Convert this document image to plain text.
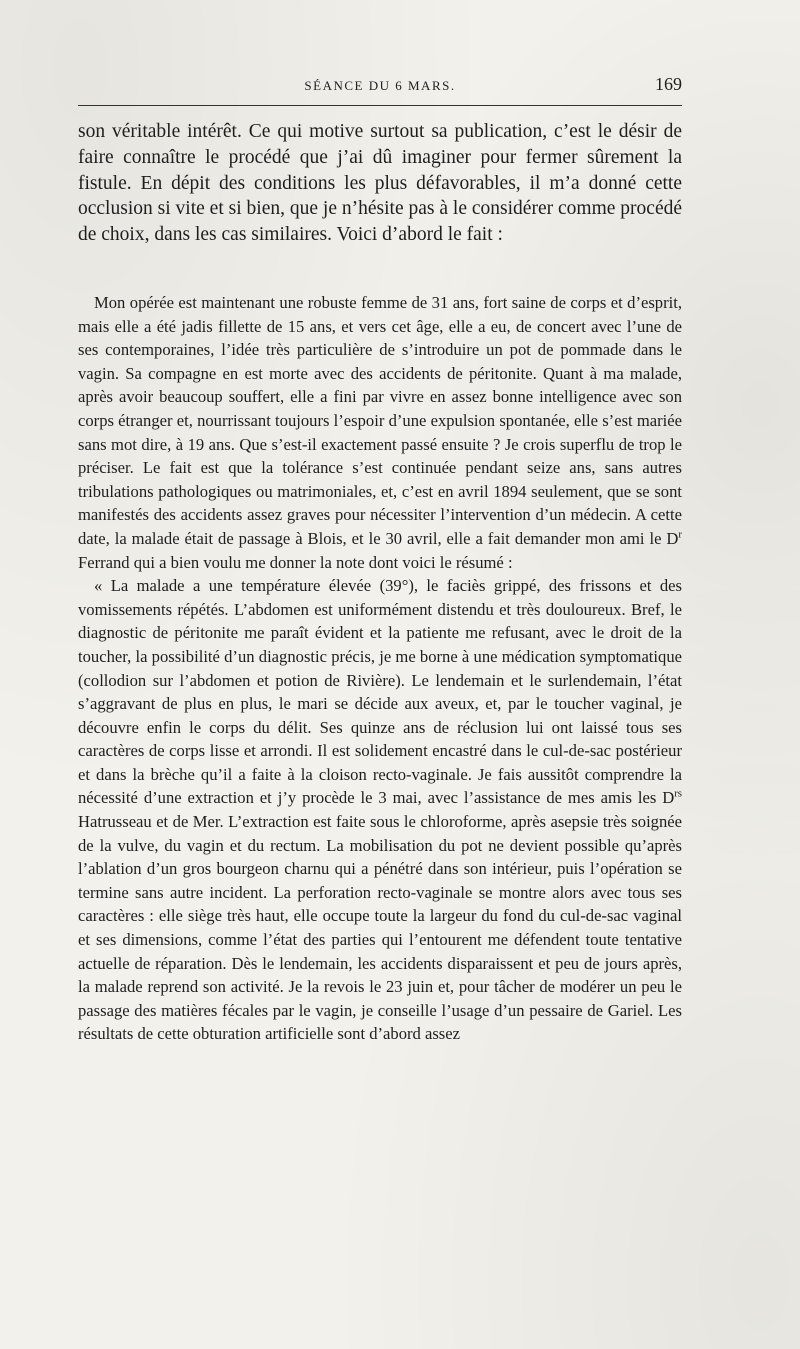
SÉANCE DU 6 MARS.	169

son véritable intérêt. Ce qui motive surtout sa publication, c’est le désir de faire connaître le procédé que j’ai dû imaginer pour fermer sûrement la fistule. En dépit des conditions les plus défavorables, il m’a donné cette occlusion si vite et si bien, que je n’hésite pas à le considérer comme procédé de choix, dans les cas similaires. Voici d’abord le fait :

Mon opérée est maintenant une robuste femme de 31 ans, fort saine de corps et d’esprit, mais elle a été jadis fillette de 15 ans, et vers cet âge, elle a eu, de concert avec l’une de ses contemporaines, l’idée très particulière de s’introduire un pot de pommade dans le vagin. Sa compagne en est morte avec des accidents de péritonite. Quant à ma malade, après avoir beaucoup souffert, elle a fini par vivre en assez bonne intelligence avec son corps étranger et, nourrissant toujours l’espoir d’une expulsion spontanée, elle s’est mariée sans mot dire, à 19 ans. Que s’est-il exactement passé ensuite ? Je crois superflu de trop le préciser. Le fait est que la tolérance s’est continuée pendant seize ans, sans autres tribulations pathologiques ou matrimoniales, et, c’est en avril 1894 seulement, que se sont manifestés des accidents assez graves pour nécessiter l’intervention d’un médecin. A cette date, la malade était de passage à Blois, et le 30 avril, elle a fait demander mon ami le $D^r$ Ferrand qui a bien voulu me donner la note dont voici le résumé :

« La malade a une température élevée (39°), le faciès grippé, des frissons et des vomissements répétés. L’abdomen est uniformément distendu et très douloureux. Bref, le diagnostic de péritonite me paraît évident et la patiente me refusant, avec le droit de la toucher, la possibilité d’un diagnostic précis, je me borne à une médication symptomatique (collodion sur l’abdomen et potion de Rivière). Le lendemain et le surlendemain, l’état s’aggravant de plus en plus, le mari se décide aux aveux, et, par le toucher vaginal, je découvre enfin le corps du délit. Ses quinze ans de réclusion lui ont laissé tous ses caractères de corps lisse et arrondi. Il est solidement encastré dans le cul-de-sac postérieur et dans la brèche qu’il a faite à la cloison recto-vaginale. Je fais aussitôt comprendre la nécessité d’une extraction et j’y procède le 3 mai, avec l’assistance de mes amis les $D^{rs}$ Hatrusseau et de Mer. L’extraction est faite sous le chloroforme, après asepsie très soignée de la vulve, du vagin et du rectum. La mobilisation du pot ne devient possible qu’après l’ablation d’un gros bourgeon charnu qui a pénétré dans son intérieur, puis l’opération se termine sans autre incident. La perforation recto-vaginale se montre alors avec tous ses caractères : elle siège très haut, elle occupe toute la largeur du fond du cul-de-sac vaginal et ses dimensions, comme l’état des parties qui l’entourent me défendent toute tentative actuelle de réparation. Dès le lendemain, les accidents disparaissent et peu de jours après, la malade reprend son activité. Je la revois le 23 juin et, pour tâcher de modérer un peu le passage des matières fécales par le vagin, je conseille l’usage d’un pessaire de Gariel. Les résultats de cette obturation artificielle sont d’abord assez
